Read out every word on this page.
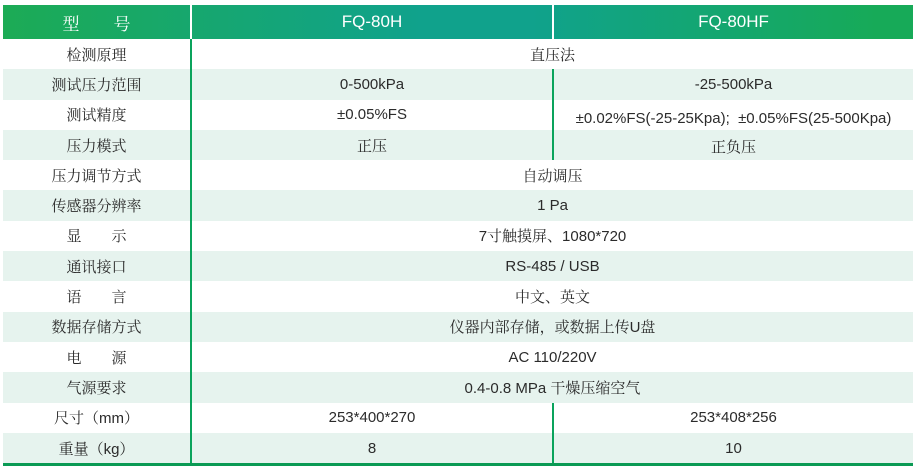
型　　号	FQ-80H	FQ-80HF
检测原理	直压法
测试压力范围	0-500kPa	-25-500kPa
测试精度	±0.05%FS	±0.02%FS(-25-25Kpa);  ±0.05%FS(25-500Kpa)
压力模式	正压	正负压
压力调节方式	自动调压
传感器分辨率	1 Pa
显　　示	7寸触摸屏、1080*720
通讯接口	RS-485 / USB
语　　言	中文、英文
数据存储方式	仪器内部存储，或数据上传U盘
电　　源	AC 110/220V
气源要求	0.4-0.8 MPa 干燥压缩空气
尺寸（mm）	253*400*270	253*408*256
重量（kg）	8	10
